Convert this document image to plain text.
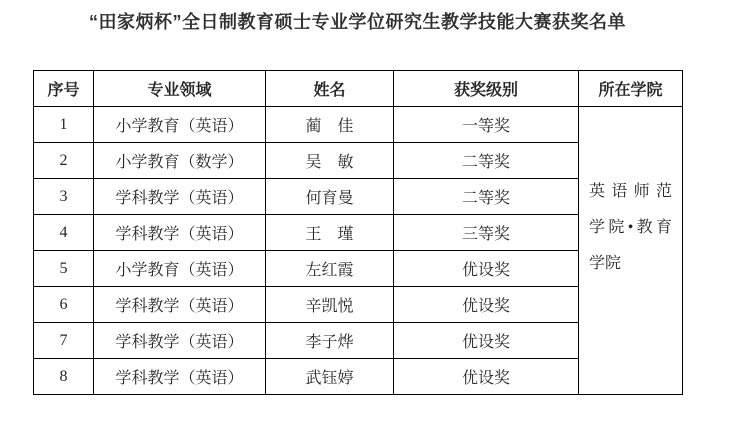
“田家炳杯”全日制教育硕士专业学位研究生教学技能大赛获奖名单
序号	专业领域	姓名	获奖级别	所在学院
1	小学教育（英语）	蔺　佳	一等奖	英语师范
学院•教育
学院

2	小学教育（数学）	吴　敏	二等奖	
3	学科教学（英语）	何育曼	二等奖	
4	学科教学（英语）	王　瑾	三等奖	
5	小学教育（英语）	左红霞	优设奖	
6	学科教学（英语）	辛凯悦	优设奖	
7	学科教学（英语）	李子烨	优设奖	
8	学科教学（英语）	武钰婷	优设奖	
